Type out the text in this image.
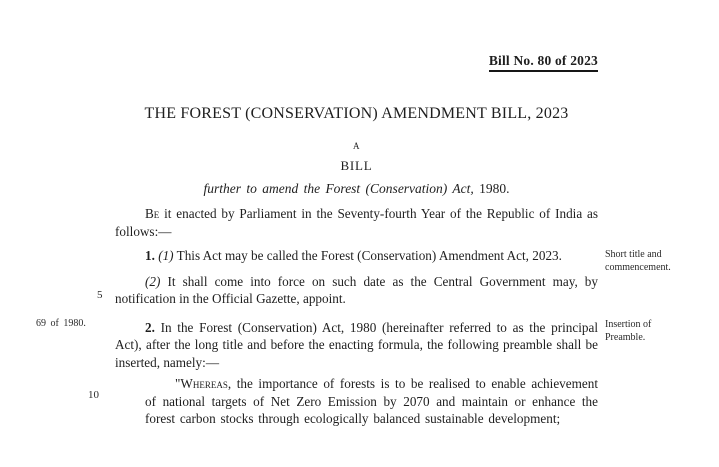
Bill No. 80 of 2023
THE FOREST (CONSERVATION) AMENDMENT BILL, 2023
A
BILL
further to amend the Forest (Conservation) Act, 1980.

Be it enacted by Parliament in the Seventy-fourth Year of the Republic of India as follows:—

1. (1) This Act may be called the Forest (Conservation) Amendment Act, 2023.

(2) It shall come into force on such date as the Central Government may, by notification in the Official Gazette, appoint.

2. In the Forest (Conservation) Act, 1980 (hereinafter referred to as the principal Act), after the long title and before the enacting formula, the following preamble shall be inserted, namely:—

"Whereas, the importance of forests is to be realised to enable achievement of national targets of Net Zero Emission by 2070 and maintain or enhance the forest carbon stocks through ecologically balanced sustainable development;

Short title and commencement.
Insertion of Preamble.
69 of 1980.
5
10
